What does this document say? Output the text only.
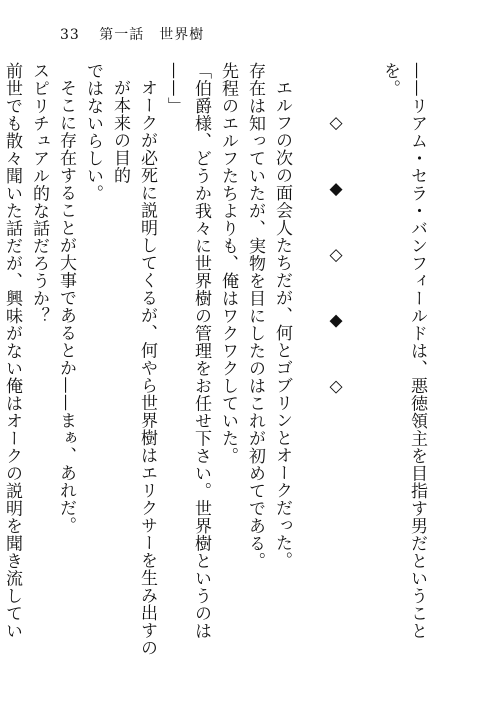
33 第一話　世界樹
——リアム・セラ・バンフィールドは、悪徳領主を目指す男だということを。
◇◆◇◆◇
エルフの次の面会人たちだが、何とゴブリンとオークだった。
存在は知っていたが、実物を目にしたのはこれが初めてである。
先程のエルフたちよりも、俺はワクワクしていた。
「伯爵様、どうか我々に世界樹の管理をお任せ下さい。世界樹というのは——」
オークが必死に説明してくるが、何やら世界樹はエリクサーを生み出すのが本来の目的
ではないらしい。
そこに存在することが大事であるとか——まぁ、あれだ。
スピリチュアル的な話だろうか？
前世でも散々聞いた話だが、興味がない俺はオークの説明を聞き流してい
